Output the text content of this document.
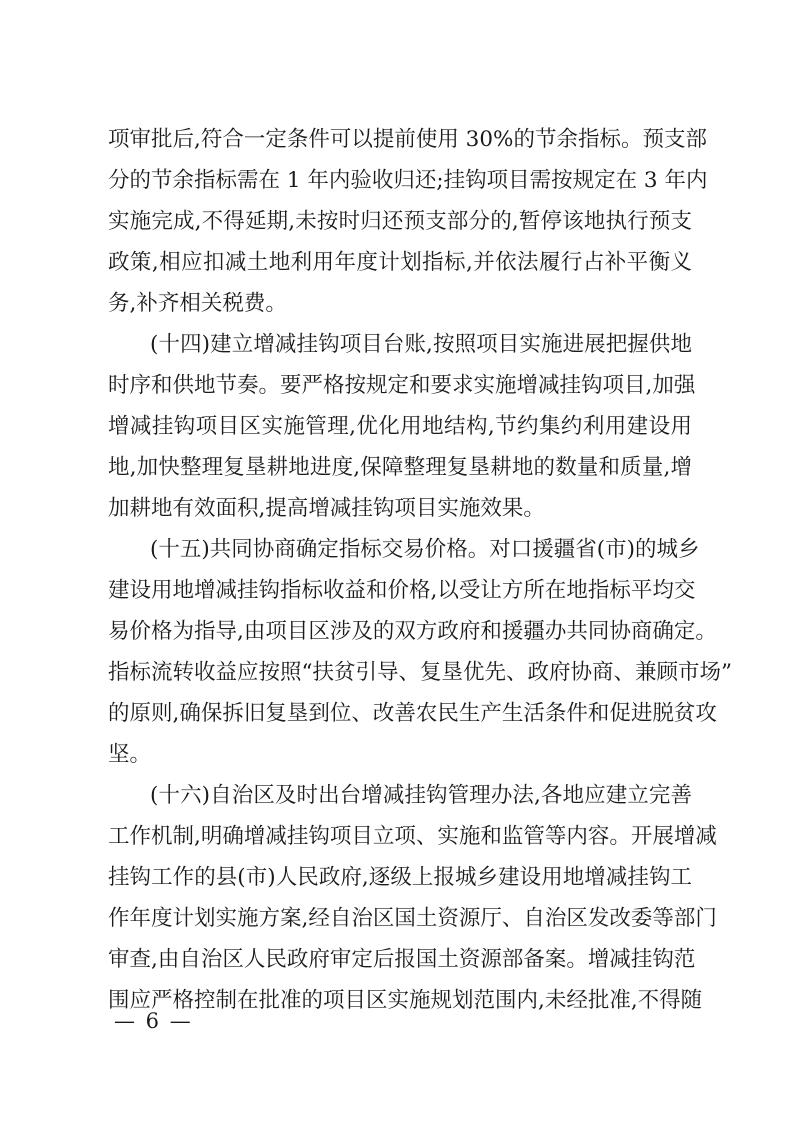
项审批后,符合一定条件可以提前使用 30%的节余指标。预支部
分的节余指标需在 1 年内验收归还;挂钩项目需按规定在 3 年内
实施完成,不得延期,未按时归还预支部分的,暂停该地执行预支
政策,相应扣减土地利用年度计划指标,并依法履行占补平衡义
务,补齐相关税费。
(十四)建立增减挂钩项目台账,按照项目实施进展把握供地
时序和供地节奏。要严格按规定和要求实施增减挂钩项目,加强
增减挂钩项目区实施管理,优化用地结构,节约集约利用建设用
地,加快整理复垦耕地进度,保障整理复垦耕地的数量和质量,增
加耕地有效面积,提高增减挂钩项目实施效果。
(十五)共同协商确定指标交易价格。对口援疆省(市)的城乡
建设用地增减挂钩指标收益和价格,以受让方所在地指标平均交
易价格为指导,由项目区涉及的双方政府和援疆办共同协商确定。
指标流转收益应按照“扶贫引导、复垦优先、政府协商、兼顾市场”
的原则,确保拆旧复垦到位、改善农民生产生活条件和促进脱贫攻
坚。
(十六)自治区及时出台增减挂钩管理办法,各地应建立完善
工作机制,明确增减挂钩项目立项、实施和监管等内容。开展增减
挂钩工作的县(市)人民政府,逐级上报城乡建设用地增减挂钩工
作年度计划实施方案,经自治区国土资源厅、自治区发改委等部门
审查,由自治区人民政府审定后报国土资源部备案。增减挂钩范
围应严格控制在批准的项目区实施规划范围内,未经批准,不得随
— 6 —
